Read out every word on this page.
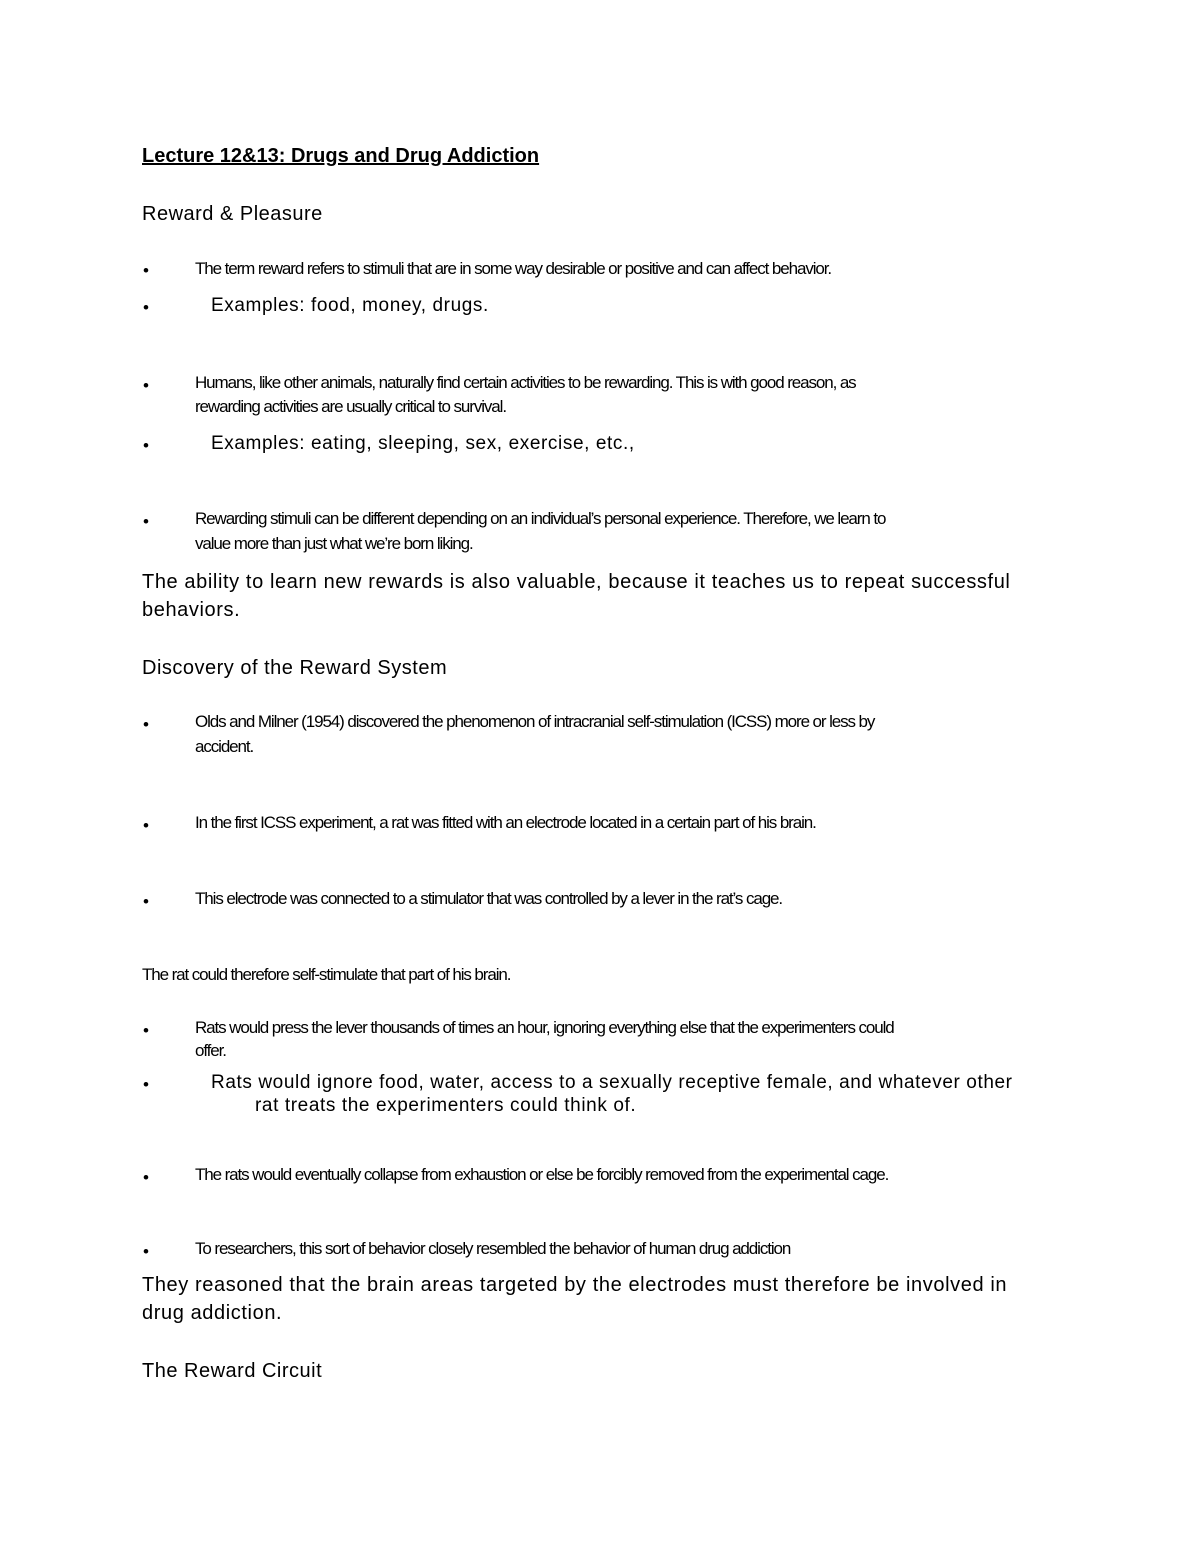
Lecture 12&13: Drugs and Drug Addiction

Reward & Pleasure

•	The term reward refers to stimuli that are in some way desirable or positive and can affect behavior.

•	Examples: food, money, drugs.

•	Humans, like other animals, naturally find certain activities to be rewarding. This is with good reason, as

rewarding activities are usually critical to survival.

•	Examples: eating, sleeping, sex, exercise, etc.,

•	Rewarding stimuli can be different depending on an individual’s personal experience. Therefore, we learn to

value more than just what we’re born liking.

The ability to learn new rewards is also valuable, because it teaches us to repeat successful

behaviors.

Discovery of the Reward System

•	Olds and Milner (1954) discovered the phenomenon of intracranial self-stimulation (ICSS) more or less by

accident.

•	In the first ICSS experiment, a rat was fitted with an electrode located in a certain part of his brain.

•	This electrode was connected to a stimulator that was controlled by a lever in the rat’s cage.

The rat could therefore self-stimulate that part of his brain.

•	Rats would press the lever thousands of times an hour, ignoring everything else that the experimenters could

offer.

•	Rats would ignore food, water, access to a sexually receptive female, and whatever other

rat treats the experimenters could think of.

•	The rats would eventually collapse from exhaustion or else be forcibly removed from the experimental cage.

•	To researchers, this sort of behavior closely resembled the behavior of human drug addiction

They reasoned that the brain areas targeted by the electrodes must therefore be involved in

drug addiction.

The Reward Circuit
